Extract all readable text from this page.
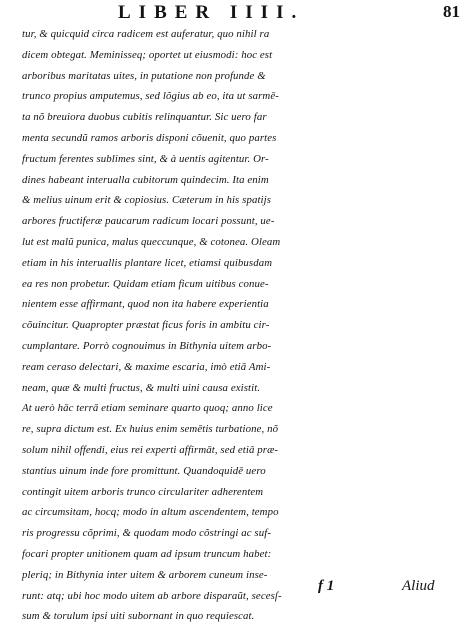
LIBER IIII.	81
tur, & quicquid circa radicem est auferatur, quo nihil ra
dicem obtegat. Meminisseq; oportet ut eiusmodi: hoc est
arboribus maritatas uites, in putatione non profunde &
trunco propius amputemus, sed lõgius ab eo, ita ut sarmē-
ta nõ breuiora duobus cubitis relinquantur. Sic uero far
menta secundũ ramos arboris disponi cõuenit, quo partes
fructum ferentes sublimes sint, & à uentis agitentur. Or-
dines habeant interualla cubitorum quindecim. Ita enim
& melius uinum erit & copiosius. Cæterum in his spatijs
arbores fructiferæ paucarum radicum locari possunt, ue-
lut est malũ punica, malus queccunque, & cotonea. Oleam
etiam in his interuallis plantare licet, etiamsi quibusdam
ea res non probetur. Quidam etiam ficum uitibus conue-
nientem esse affirmant, quod non ita habere experientia
cõuincitur. Quapropter præstat ficus foris in ambitu cir-
cumplantare. Porrò cognouimus in Bithynia uitem arbo-
ream ceraso delectari, & maxime escaria, imò etiā Ami-
neam, quæ & multi fructus, & multi uini causa existit.
At uerò hāc terrā etiam seminare quarto quoq; anno lice
re, supra dictum est. Ex huius enim semētis turbatione, nõ
solum nihil offendi, eius rei experti affirmāt, sed etiā præ-
stantius uinum inde fore promittunt. Quandoquidē uero
contingit uitem arboris trunco circulariter adherentem
ac circumsitam, hocq; modo in altum ascendentem, tempo
ris progressu cõprimi, & quodam modo cõstringi ac suf-
focari propter unitionem quam ad ipsum truncum habet:
pleriq; in Bithynia inter uitem & arborem cuneum inse-
runt: atq; ubi hoc modo uitem ab arbore disparaũt, secesſ-
sum & torulum ipsi uiti subornant in quo requiescat.
f 1	Aliud
